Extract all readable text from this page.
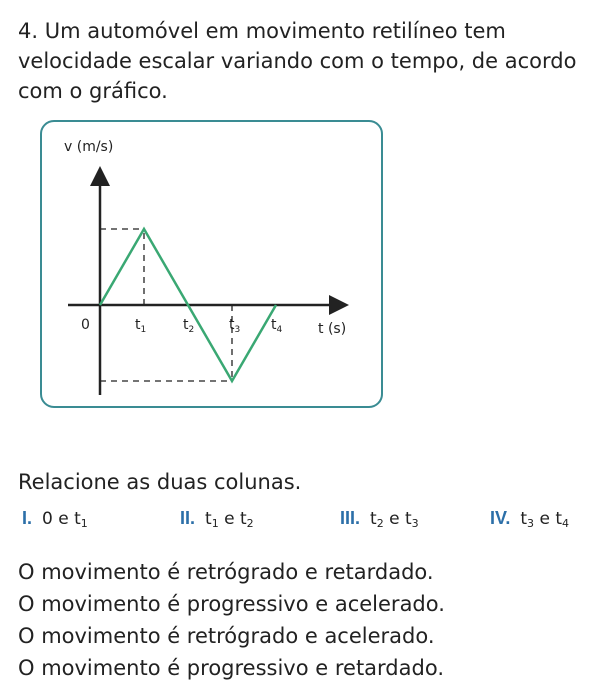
4. Um automóvel em movimento retilíneo tem velocidade escalar variando com o tempo, de acordo com o gráfico.

v (m/s)
t (s)
0	$t_1$	$t_2$ $t_3$ $t_4$

Relacione as duas colunas.

I. 0 e $t_1$	II. $t_1$ e $t_2$	III. $t_2$ e $t_3$	IV. $t_3$ e $t_4$
O movimento é retrógrado e retardado.
O movimento é progressivo e acelerado.
O movimento é retrógrado e acelerado.
O movimento é progressivo e retardado.
